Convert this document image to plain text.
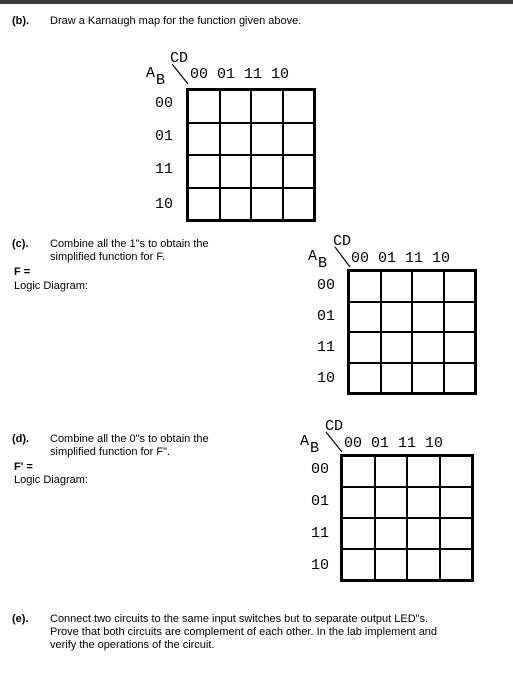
(b). Draw a Karnaugh map for the function given above.
CD
A B 00 01 11 10
00
01
11
10
(c). Combine all the 1"s to obtain the
simplified function for F.
F =
Logic Diagram:
CD
A B 00 01 11 10
00
01
11
10
(d). Combine all the 0"s to obtain the
simplified function for F".
F' =
Logic Diagram:
CD
A B 00 01 11 10
00
01
11
10
(e). Connect two circuits to the same input switches but to separate output LED"s.
Prove that both circuits are complement of each other. In the lab implement and
verify the operations of the circuit.
